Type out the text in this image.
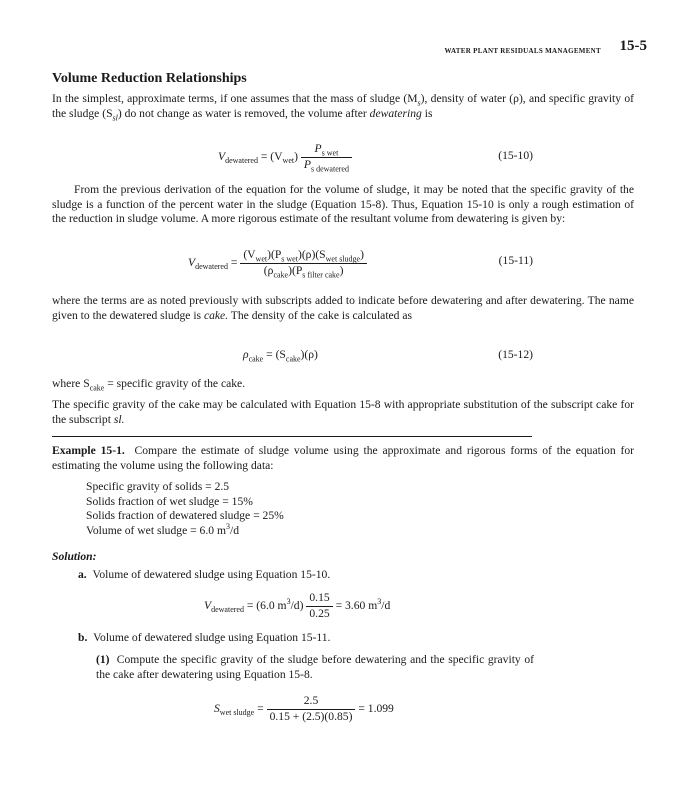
WATER PLANT RESIDUALS MANAGEMENT 15-5
Volume Reduction Relationships
In the simplest, approximate terms, if one assumes that the mass of sludge $(M_s)$, density of water (ρ), and specific gravity of the sludge $(S_{sl})$ do not change as water is removed, the volume after dewatering is
$V_{dewatered} = (V_{wet}) \frac{P_{s wet}}{P_{s dewatered}}$	(15-10)
From the previous derivation of the equation for the volume of sludge, it may be noted that the specific gravity of the sludge is a function of the percent water in the sludge (Equation 15-8). Thus, Equation 15-10 is only a rough estimation of the reduction in sludge volume. A more rigorous estimate of the resultant volume from dewatering is given by:
$V_{dewatered} = \frac{(V_{wet})(P_{s wet})(\rho)(S_{wet sludge})}{(\rho_{cake})(P_{s filter cake})}$	(15-11)
where the terms are as noted previously with subscripts added to indicate before dewatering and after dewatering. The name given to the dewatered sludge is cake. The density of the cake is calculated as
$\rho_{cake} = (S_{cake})(\rho)$	(15-12)
where $S_{cake}$ = specific gravity of the cake.
The specific gravity of the cake may be calculated with Equation 15-8 with appropriate substitution of the subscript cake for the subscript sl.
Example 15-1. Compare the estimate of sludge volume using the approximate and rigorous forms of the equation for estimating the volume using the following data:
Specific gravity of solids = 2.5
Solids fraction of wet sludge = 15%
Solids fraction of dewatered sludge = 25%
Volume of wet sludge = 6.0 $m^3/d$
Solution:
a. Volume of dewatered sludge using Equation 15-10.
$V_{dewatered} = (6.0$ $m^3/d) \frac{0.15}{0.25} = 3.60$ $m^3/d$
b. Volume of dewatered sludge using Equation 15-11.
(1) Compute the specific gravity of the sludge before dewatering and the specific gravity of the cake after dewatering using Equation 15-8.
$S_{wet sludge} = \frac{2.5}{0.15 + (2.5)(0.85)} = 1.099$
